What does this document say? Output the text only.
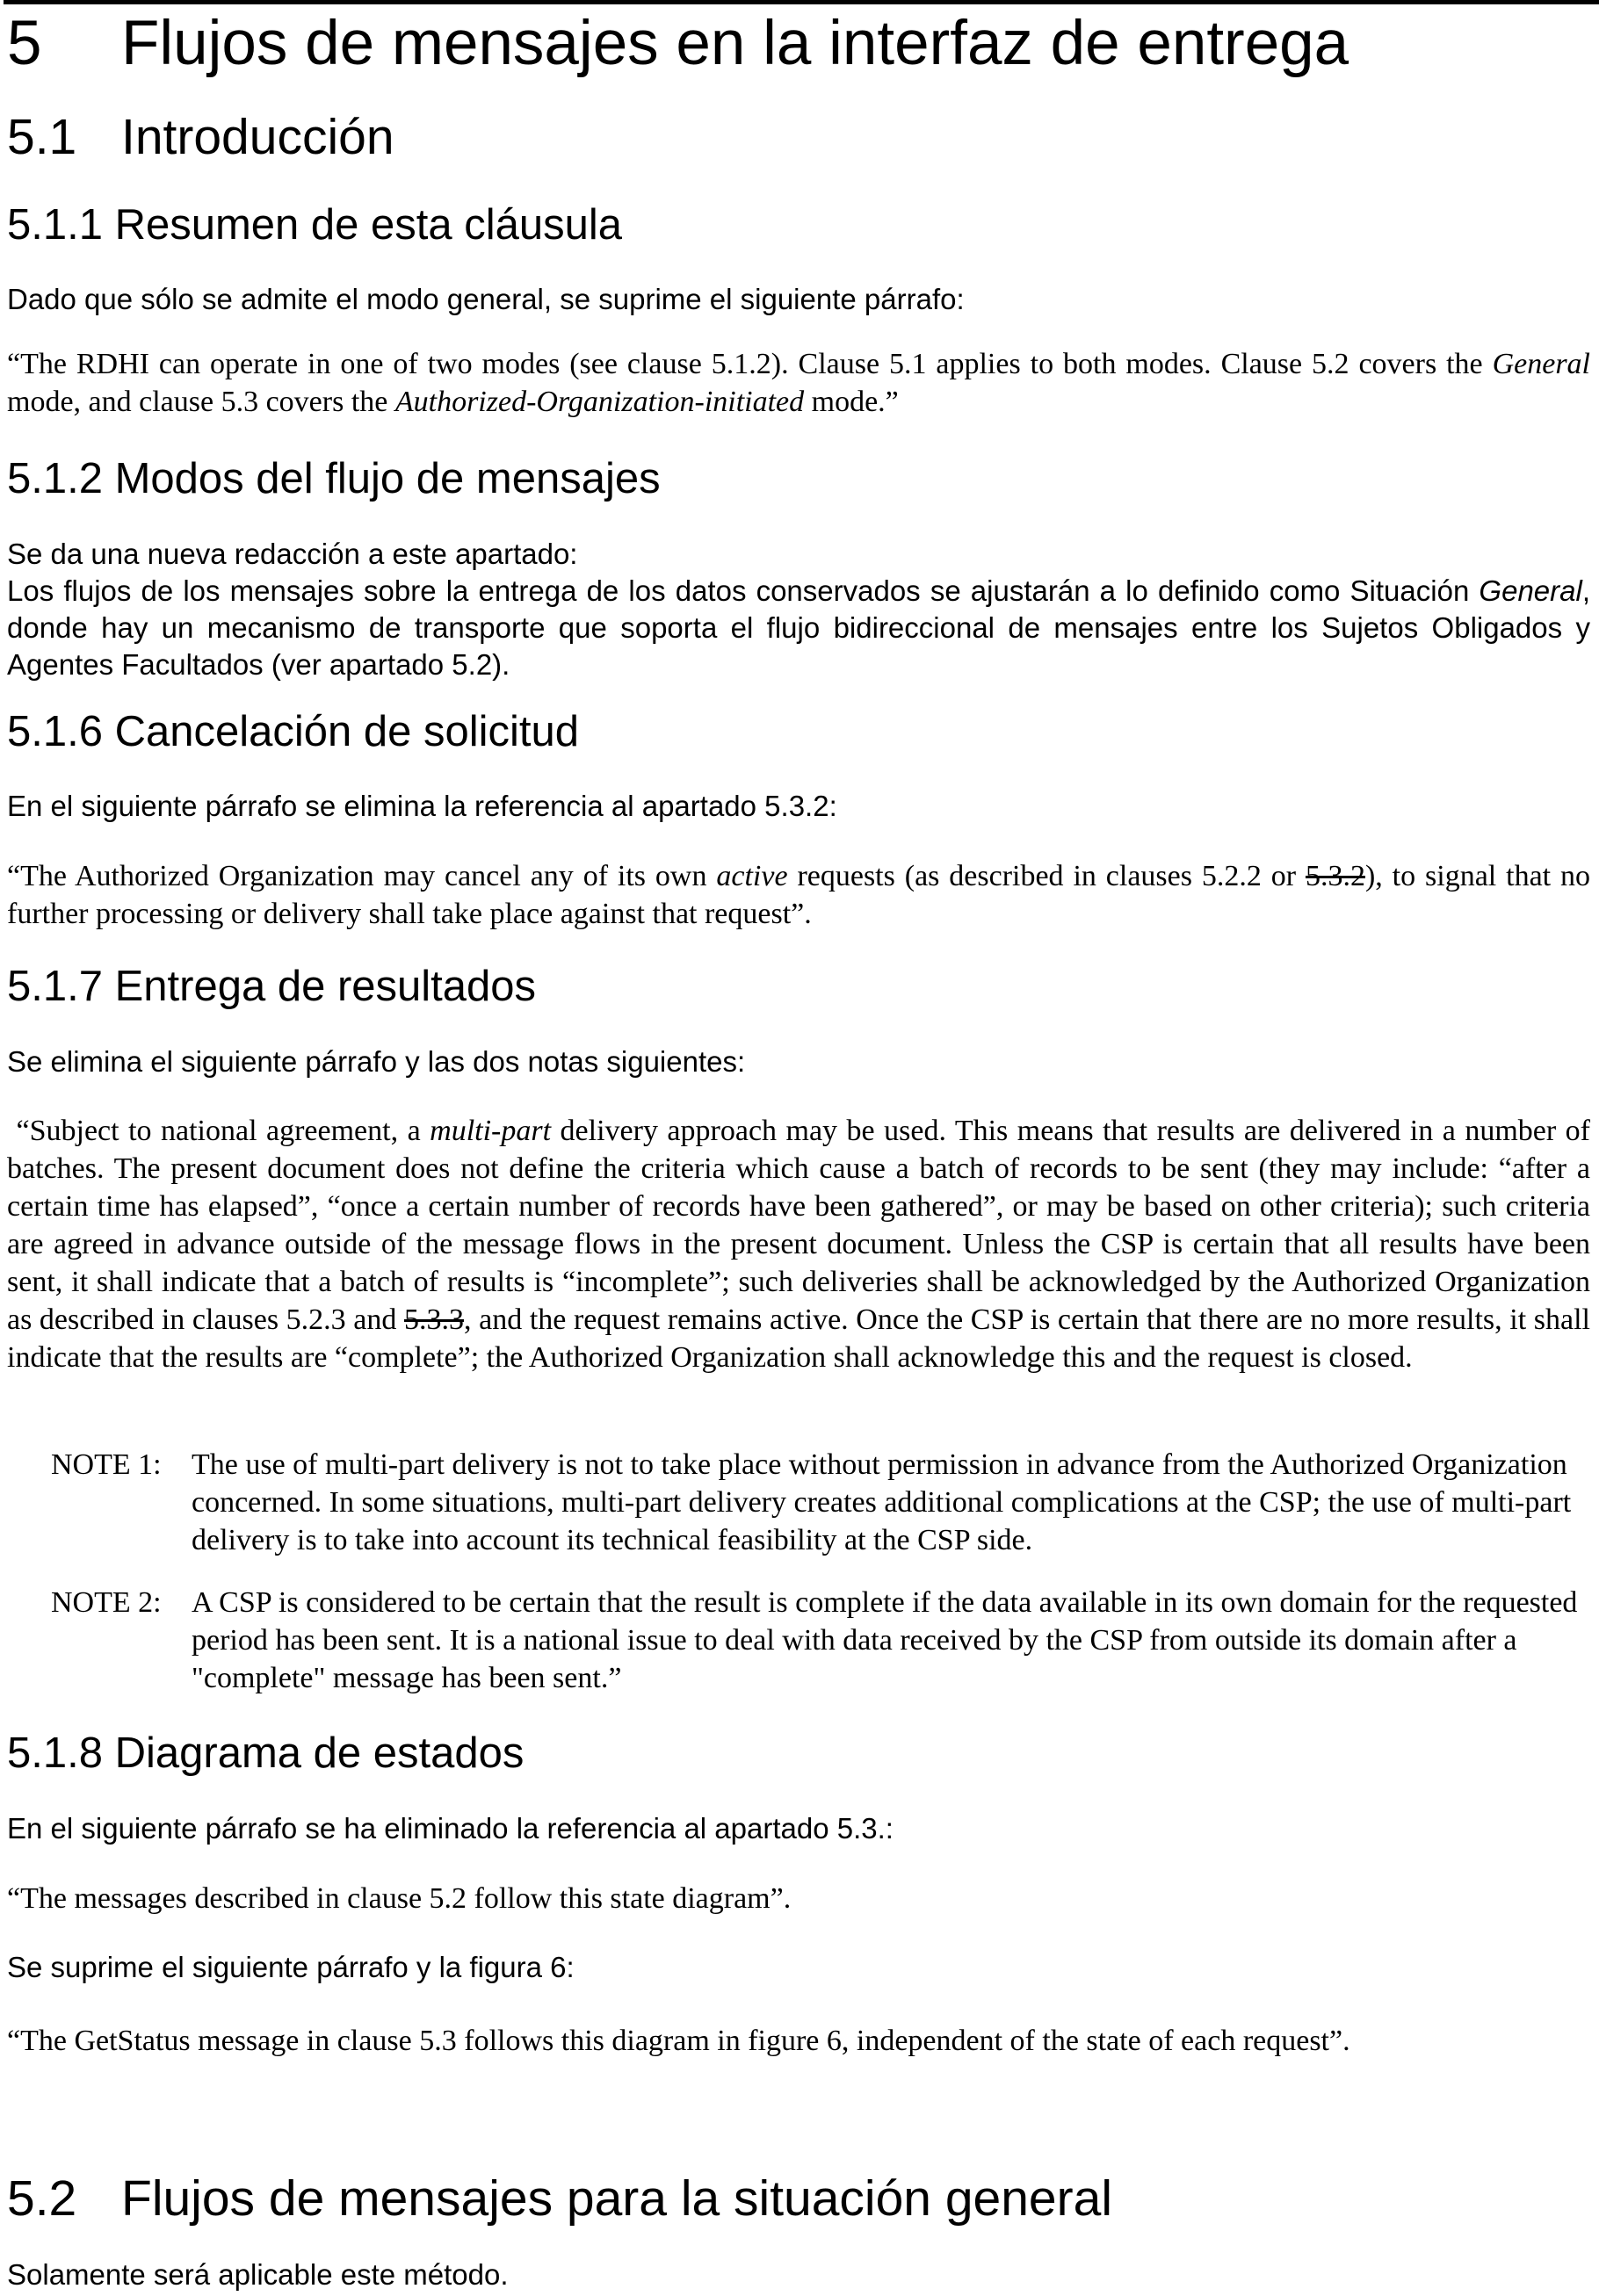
5 Flujos de mensajes en la interfaz de entrega
5.1 Introducción
5.1.1 Resumen de esta cláusula

Dado que sólo se admite el modo general, se suprime el siguiente párrafo:

“The RDHI can operate in one of two modes (see clause 5.1.2). Clause 5.1 applies to both modes. Clause 5.2 covers the General mode, and clause 5.3 covers the Authorized-Organization-initiated mode.”

5.1.2 Modos del flujo de mensajes

Se da una nueva redacción a este apartado:

Los flujos de los mensajes sobre la entrega de los datos conservados se ajustarán a lo definido como Situación General, donde hay un mecanismo de transporte que soporta el flujo bidireccional de mensajes entre los Sujetos Obligados y Agentes Facultados (ver apartado 5.2).

5.1.6 Cancelación de solicitud

En el siguiente párrafo se elimina la referencia al apartado 5.3.2:

“The Authorized Organization may cancel any of its own active requests (as described in clauses 5.2.2 or 5.3.2), to signal that no further processing or delivery shall take place against that request”.

5.1.7 Entrega de resultados

Se elimina el siguiente párrafo y las dos notas siguientes:

“Subject to national agreement, a multi-part delivery approach may be used. This means that results are delivered in a number of batches. The present document does not define the criteria which cause a batch of records to be sent (they may include: “after a certain time has elapsed”, “once a certain number of records have been gathered”, or may be based on other criteria); such criteria are agreed in advance outside of the message flows in the present document. Unless the CSP is certain that all results have been sent, it shall indicate that a batch of results is “incomplete”; such deliveries shall be acknowledged by the Authorized Organization as described in clauses 5.2.3 and 5.3.3, and the request remains active. Once the CSP is certain that there are no more results, it shall indicate that the results are “complete”; the Authorized Organization shall acknowledge this and the request is closed.

NOTE 1: The use of multi-part delivery is not to take place without permission in advance from the Authorized Organization concerned. In some situations, multi-part delivery creates additional complications at the CSP; the use of multi-part delivery is to take into account its technical feasibility at the CSP side.
NOTE 2: A CSP is considered to be certain that the result is complete if the data available in its own domain for the requested period has been sent. It is a national issue to deal with data received by the CSP from outside its domain after a "complete" message has been sent.”
5.1.8 Diagrama de estados

En el siguiente párrafo se ha eliminado la referencia al apartado 5.3.:

“The messages described in clause 5.2 follow this state diagram”.

Se suprime el siguiente párrafo y la figura 6:

“The GetStatus message in clause 5.3 follows this diagram in figure 6, independent of the state of each request”.

5.2 Flujos de mensajes para la situación general

Solamente será aplicable este método.
